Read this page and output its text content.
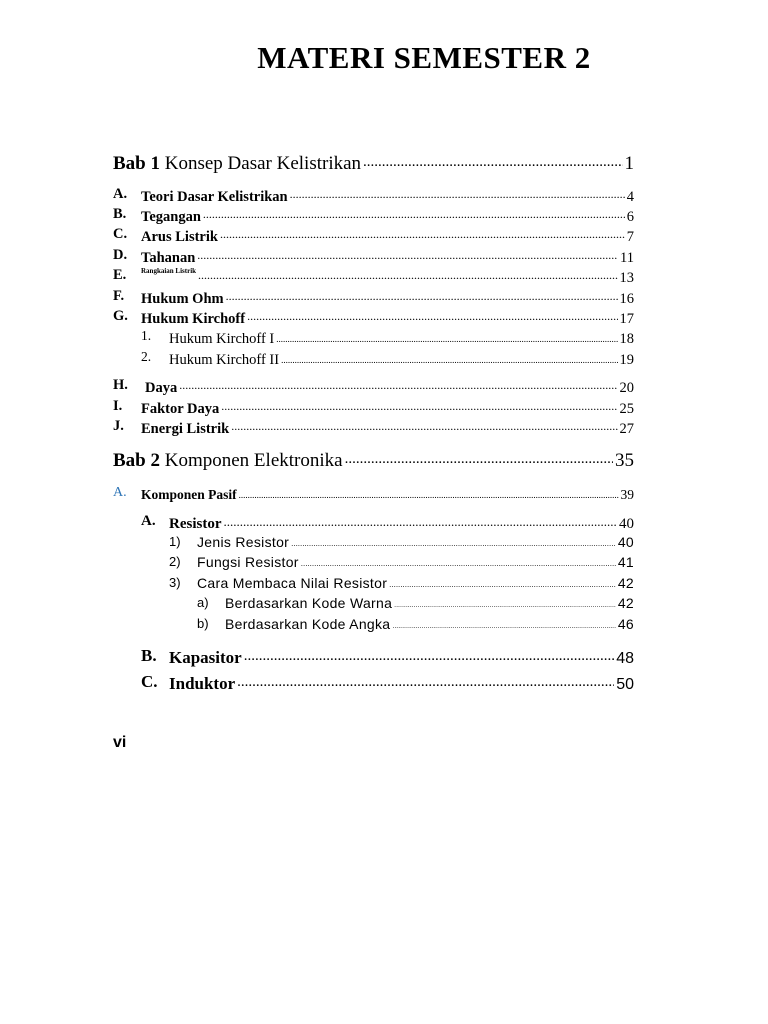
MATERI SEMESTER 2
Bab 1 Konsep Dasar Kelistrikan .....	1
A. Teori Dasar Kelistrikan .....	4
B. Tegangan .....	6
C. Arus Listrik .....	7
D. Tahanan .....	11
E. Rangkaian Listrik .....	13
F. Hukum Ohm .....	16
G. Hukum Kirchoff .....	17
1. Hukum Kirchoff I .....	18
2. Hukum Kirchoff II .....	19
H. Daya .....	20
I. Faktor Daya .....	25
J. Energi Listrik .....	27
Bab 2 Komponen Elektronika .....	35
A. Komponen Pasif .....	39
A. Resistor .....	40
1) Jenis Resistor .....	40
2) Fungsi Resistor .....	41
3) Cara Membaca Nilai Resistor .....	42
a) Berdasarkan Kode Warna .....	42
b) Berdasarkan Kode Angka .....	46
B. Kapasitor .....	48
C. Induktor .....	50
vi
